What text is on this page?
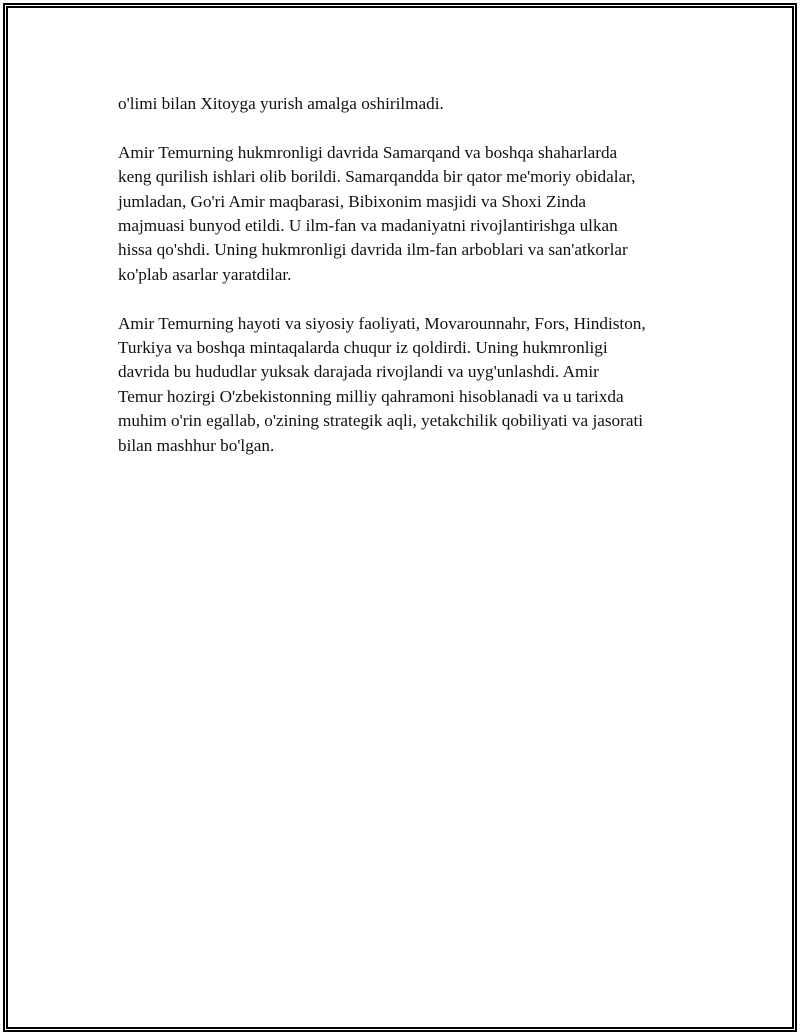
o'limi bilan Xitoyga yurish amalga oshirilmadi.

Amir Temurning hukmronligi davrida Samarqand va boshqa shaharlarda
keng qurilish ishlari olib borildi. Samarqandda bir qator me'moriy obidalar,
jumladan, Go'ri Amir maqbarasi, Bibixonim masjidi va Shoxi Zinda
majmuasi bunyod etildi. U ilm-fan va madaniyatni rivojlantirishga ulkan
hissa qo'shdi. Uning hukmronligi davrida ilm-fan arboblari va san'atkorlar
ko'plab asarlar yaratdilar.

Amir Temurning hayoti va siyosiy faoliyati, Movarounnahr, Fors, Hindiston,
Turkiya va boshqa mintaqalarda chuqur iz qoldirdi. Uning hukmronligi
davrida bu hududlar yuksak darajada rivojlandi va uyg'unlashdi. Amir
Temur hozirgi O'zbekistonning milliy qahramoni hisoblanadi va u tarixda
muhim o'rin egallab, o'zining strategik aqli, yetakchilik qobiliyati va jasorati
bilan mashhur bo'lgan.
